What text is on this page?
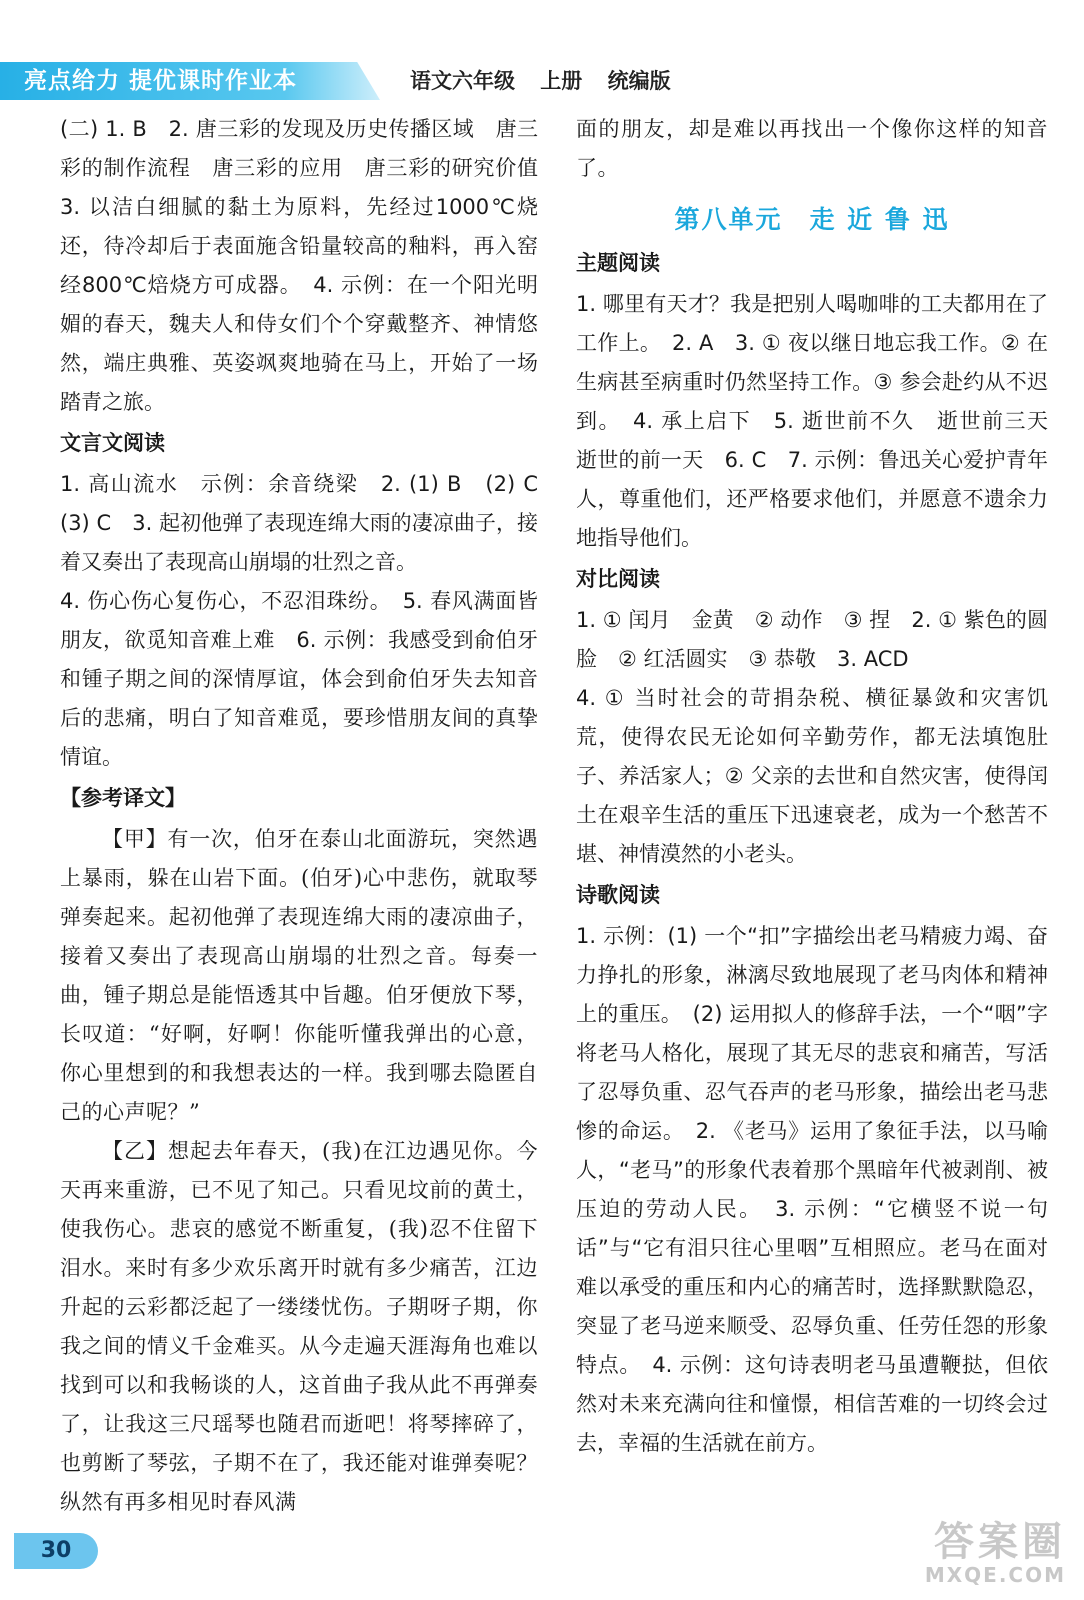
亮点给力 提优课时作业本	语文六年级 上册 统编版

(二) 1. B　2. 唐三彩的发现及历史传播区域　唐三彩的制作流程　唐三彩的应用　唐三彩的研究价值　3. 以洁白细腻的黏土为原料，先经过1000℃烧还，待冷却后于表面施含铅量较高的釉料，再入窑经800℃焙烧方可成器。　4. 示例：在一个阳光明媚的春天，魏夫人和侍女们个个穿戴整齐、神情悠然，端庄典雅、英姿飒爽地骑在马上，开始了一场踏青之旅。

文言文阅读

1. 高山流水　示例：余音绕梁　2. (1) B　(2) C　(3) C　3. 起初他弹了表现连绵大雨的凄凉曲子，接着又奏出了表现高山崩塌的壮烈之音。

4. 伤心伤心复伤心，不忍泪珠纷。　5. 春风满面皆朋友，欲觅知音难上难　6. 示例：我感受到俞伯牙和锺子期之间的深情厚谊，体会到俞伯牙失去知音后的悲痛，明白了知音难觅，要珍惜朋友间的真挚情谊。

【参考译文】

【甲】有一次，伯牙在泰山北面游玩，突然遇上暴雨，躲在山岩下面。(伯牙)心中悲伤，就取琴弹奏起来。起初他弹了表现连绵大雨的凄凉曲子，接着又奏出了表现高山崩塌的壮烈之音。每奏一曲，锺子期总是能悟透其中旨趣。伯牙便放下琴，长叹道：“好啊，好啊！你能听懂我弹出的心意，你心里想到的和我想表达的一样。我到哪去隐匿自己的心声呢？”

【乙】想起去年春天，(我)在江边遇见你。今天再来重游，已不见了知己。只看见坟前的黄土，使我伤心。悲哀的感觉不断重复，(我)忍不住留下泪水。来时有多少欢乐离开时就有多少痛苦，江边升起的云彩都泛起了一缕缕忧伤。子期呀子期，你我之间的情义千金难买。从今走遍天涯海角也难以找到可以和我畅谈的人，这首曲子我从此不再弹奏了，让我这三尺瑶琴也随君而逝吧！将琴摔碎了，也剪断了琴弦，子期不在了，我还能对谁弹奏呢？纵然有再多相见时春风满

面的朋友，却是难以再找出一个像你这样的知音了。

第八单元　走 近 鲁 迅

主题阅读

1. 哪里有天才？我是把别人喝咖啡的工夫都用在了工作上。　2. A　3. ① 夜以继日地忘我工作。② 在生病甚至病重时仍然坚持工作。③ 参会赴约从不迟到。　4. 承上启下　5. 逝世前不久　逝世前三天　逝世的前一天　6. C　7. 示例：鲁迅关心爱护青年人，尊重他们，还严格要求他们，并愿意不遗余力地指导他们。

对比阅读

1. ① 闰月　金黄　② 动作　③ 捏　2. ① 紫色的圆脸　② 红活圆实　③ 恭敬　3. ACD

4. ① 当时社会的苛捐杂税、横征暴敛和灾害饥荒，使得农民无论如何辛勤劳作，都无法填饱肚子、养活家人；② 父亲的去世和自然灾害，使得闰土在艰辛生活的重压下迅速衰老，成为一个愁苦不堪、神情漠然的小老头。

诗歌阅读

1. 示例：(1) 一个“扣”字描绘出老马精疲力竭、奋力挣扎的形象，淋漓尽致地展现了老马肉体和精神上的重压。　(2) 运用拟人的修辞手法，一个“咽”字将老马人格化，展现了其无尽的悲哀和痛苦，写活了忍辱负重、忍气吞声的老马形象，描绘出老马悲惨的命运。　2. 《老马》运用了象征手法，以马喻人，“老马”的形象代表着那个黑暗年代被剥削、被压迫的劳动人民。　3. 示例：“它横竖不说一句话”与“它有泪只往心里咽”互相照应。老马在面对难以承受的重压和内心的痛苦时，选择默默隐忍，突显了老马逆来顺受、忍辱负重、任劳任怨的形象特点。　4. 示例：这句诗表明老马虽遭鞭挞，但依然对未来充满向往和憧憬，相信苦难的一切终会过去，幸福的生活就在前方。

30	答案圈
MXQE.COM
